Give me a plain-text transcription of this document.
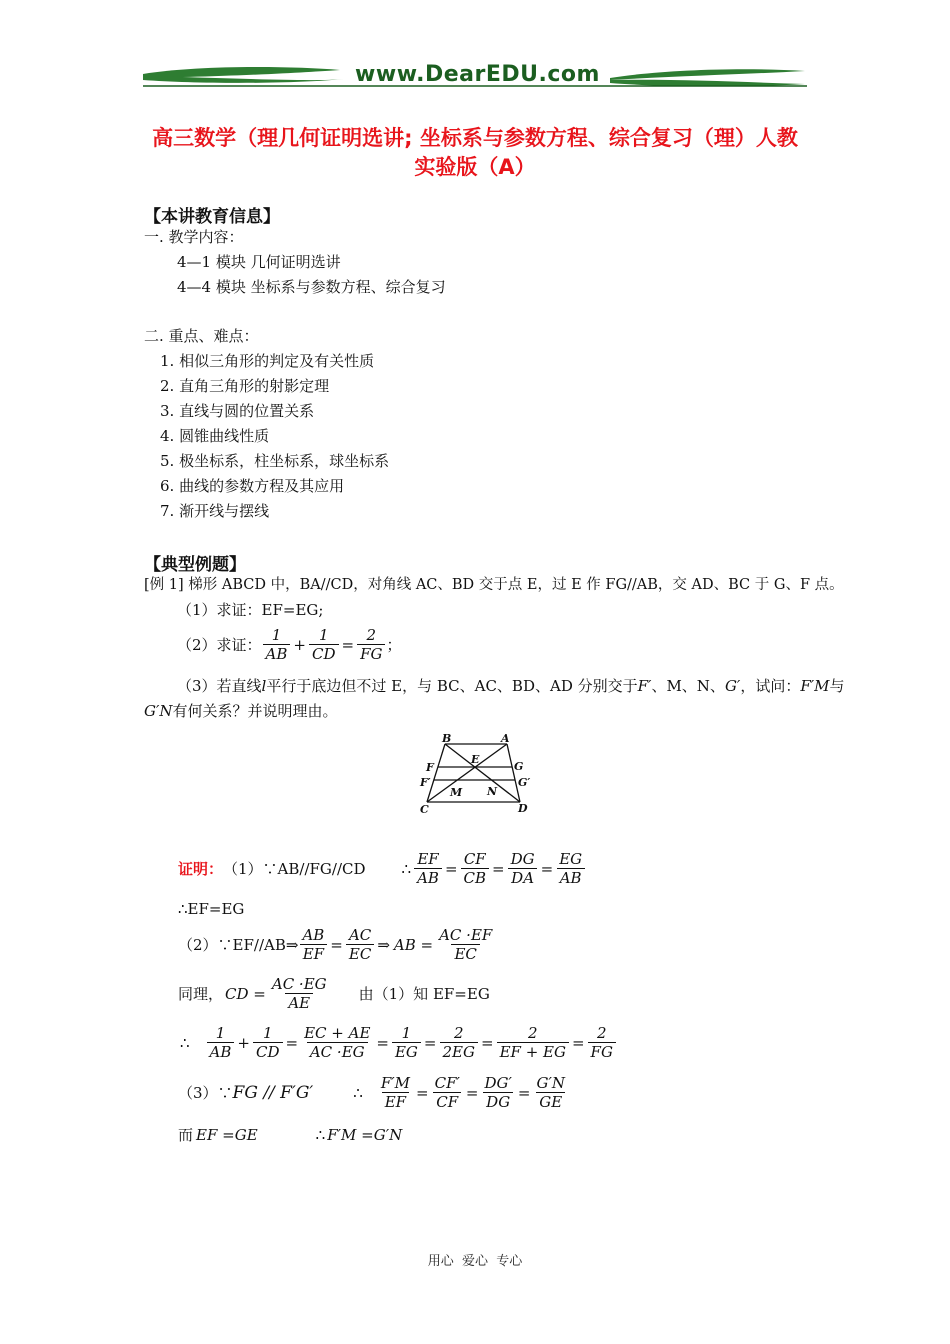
www.DearEDU.com
高三数学（理几何证明选讲; 坐标系与参数方程、综合复习（理）人教
实验版（A）
【本讲教育信息】
一. 教学内容：
4—1 模块 几何证明选讲
4—4 模块 坐标系与参数方程、综合复习
二. 重点、难点：
1. 相似三角形的判定及有关性质
2. 直角三角形的射影定理
3. 直线与圆的位置关系
4. 圆锥曲线性质
5. 极坐标系，柱坐标系，球坐标系
6. 曲线的参数方程及其应用
7. 渐开线与摆线
【典型例题】
[例 1] 梯形 ABCD 中，BA//CD，对角线 AC、BD 交于点 E，过 E 作 FG//AB，交 AD、BC 于 G、F 点。
（1）求证：EF=EG;
（2）求证： $\frac{1}{AB} + \frac{1}{CD} = \frac{2}{FG}$ ；
（3）若直线l平行于底边但不过 E，与 BC、AC、BD、AD 分别交于F′、M、N、G′，试问：F′M与
G′N有何关系？并说明理由。
B	A
E
F	G
F′	G′
M N
C	D
证明： （1）∵AB//FG//CD ∴ $\frac{EF}{AB} = \frac{CF}{CB} = \frac{DG}{DA} = \frac{EG}{AB}$
∴EF=EG
（2）∵EF//AB⇒ $\frac{AB}{EF} = \frac{AC}{EC}$ ⇒ AB = $\frac{AC \cdot EF}{EC}$
同理， CD = $\frac{AC \cdot EG}{AE}$ 由（1）知 EF=EG
∴ $\frac{1}{AB} + \frac{1}{CD} = \frac{EC + AE}{AC \cdot EG} = \frac{1}{EG} = \frac{2}{2EG} = \frac{2}{EF + EG} = \frac{2}{FG}$
（3）∵ FG // F′G′	∴ $\frac{F'M}{EF} = \frac{CF'}{CF} = \frac{DG'}{DG} = \frac{G'N}{GE}$
而 EF =GE	∴ F′M =G′N
用心  爱心  专心
